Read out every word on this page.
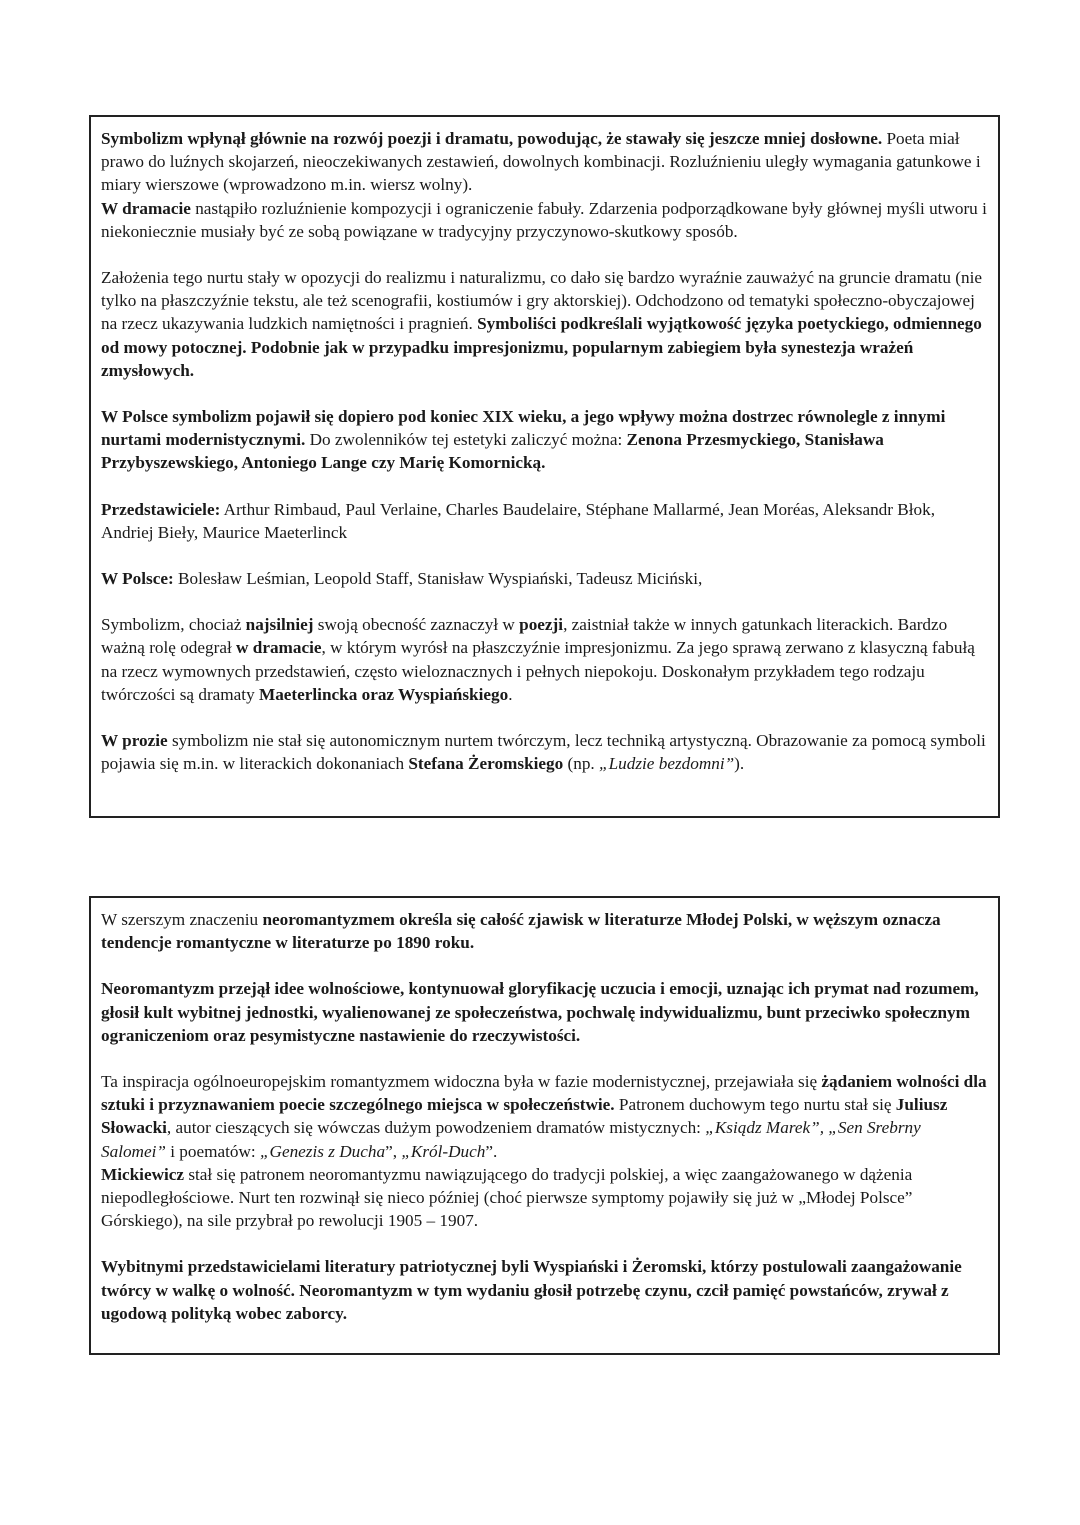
Symbolizm wpłynął głównie na rozwój poezji i dramatu, powodując, że stawały się jeszcze mniej dosłowne. Poeta miał prawo do luźnych skojarzeń, nieoczekiwanych zestawień, dowolnych kombinacji. Rozluźnieniu uległy wymagania gatunkowe i miary wierszowe (wprowadzono m.in. wiersz wolny).
W dramacie nastąpiło rozluźnienie kompozycji i ograniczenie fabuły. Zdarzenia podporządkowane były głównej myśli utworu i niekoniecznie musiały być ze sobą powiązane w tradycyjny przyczynowo-skutkowy sposób.

Założenia tego nurtu stały w opozycji do realizmu i naturalizmu, co dało się bardzo wyraźnie zauważyć na gruncie dramatu (nie tylko na płaszczyźnie tekstu, ale też scenografii, kostiumów i gry aktorskiej). Odchodzono od tematyki społeczno-obyczajowej na rzecz ukazywania ludzkich namiętności i pragnień. Symboliści podkreślali wyjątkowość języka poetyckiego, odmiennego od mowy potocznej. Podobnie jak w przypadku impresjonizmu, popularnym zabiegiem była synestezja wrażeń zmysłowych.

W Polsce symbolizm pojawił się dopiero pod koniec XIX wieku, a jego wpływy można dostrzec równolegle z innymi nurtami modernistycznymi. Do zwolenników tej estetyki zaliczyć można: Zenona Przesmyckiego, Stanisława Przybyszewskiego, Antoniego Lange czy Marię Komornicką.

Przedstawiciele: Arthur Rimbaud, Paul Verlaine, Charles Baudelaire, Stéphane Mallarmé, Jean Moréas, Aleksandr Błok, Andriej Bieły, Maurice Maeterlinck

W Polsce: Bolesław Leśmian, Leopold Staff, Stanisław Wyspiański, Tadeusz Miciński,

Symbolizm, chociaż najsilniej swoją obecność zaznaczył w poezji, zaistniał także w innych gatunkach literackich. Bardzo ważną rolę odegrał w dramacie, w którym wyrósł na płaszczyźnie impresjonizmu. Za jego sprawą zerwano z klasyczną fabułą na rzecz wymownych przedstawień, często wieloznacznych i pełnych niepokoju. Doskonałym przykładem tego rodzaju twórczości są dramaty Maeterlincka oraz Wyspiańskiego.

W prozie symbolizm nie stał się autonomicznym nurtem twórczym, lecz techniką artystyczną. Obrazowanie za pomocą symboli pojawia się m.in. w literackich dokonaniach Stefana Żeromskiego (np. „Ludzie bezdomni”).

W szerszym znaczeniu neoromantyzmem określa się całość zjawisk w literaturze Młodej Polski, w węższym oznacza tendencje romantyczne w literaturze po 1890 roku.

Neoromantyzm przejął idee wolnościowe, kontynuował gloryfikację uczucia i emocji, uznając ich prymat nad rozumem, głosił kult wybitnej jednostki, wyalienowanej ze społeczeństwa, pochwalę indywidualizmu, bunt przeciwko społecznym ograniczeniom oraz pesymistyczne nastawienie do rzeczywistości.

Ta inspiracja ogólnoeuropejskim romantyzmem widoczna była w fazie modernistycznej, przejawiała się żądaniem wolności dla sztuki i przyznawaniem poecie szczególnego miejsca w społeczeństwie. Patronem duchowym tego nurtu stał się Juliusz Słowacki, autor cieszących się wówczas dużym powodzeniem dramatów mistycznych: „Ksiądz Marek”, „Sen Srebrny Salomei” i poematów: „Genezis z Ducha”, „Król-Duch”.
Mickiewicz stał się patronem neoromantyzmu nawiązującego do tradycji polskiej, a więc zaangażowanego w dążenia niepodległościowe. Nurt ten rozwinął się nieco później (choć pierwsze symptomy pojawiły się już w „Młodej Polsce” Górskiego), na sile przybrał po rewolucji 1905 – 1907.

Wybitnymi przedstawicielami literatury patriotycznej byli Wyspiański i Żeromski, którzy postulowali zaangażowanie twórcy w walkę o wolność. Neoromantyzm w tym wydaniu głosił potrzebę czynu, czcił pamięć powstańców, zrywał z ugodową polityką wobec zaborcy.
